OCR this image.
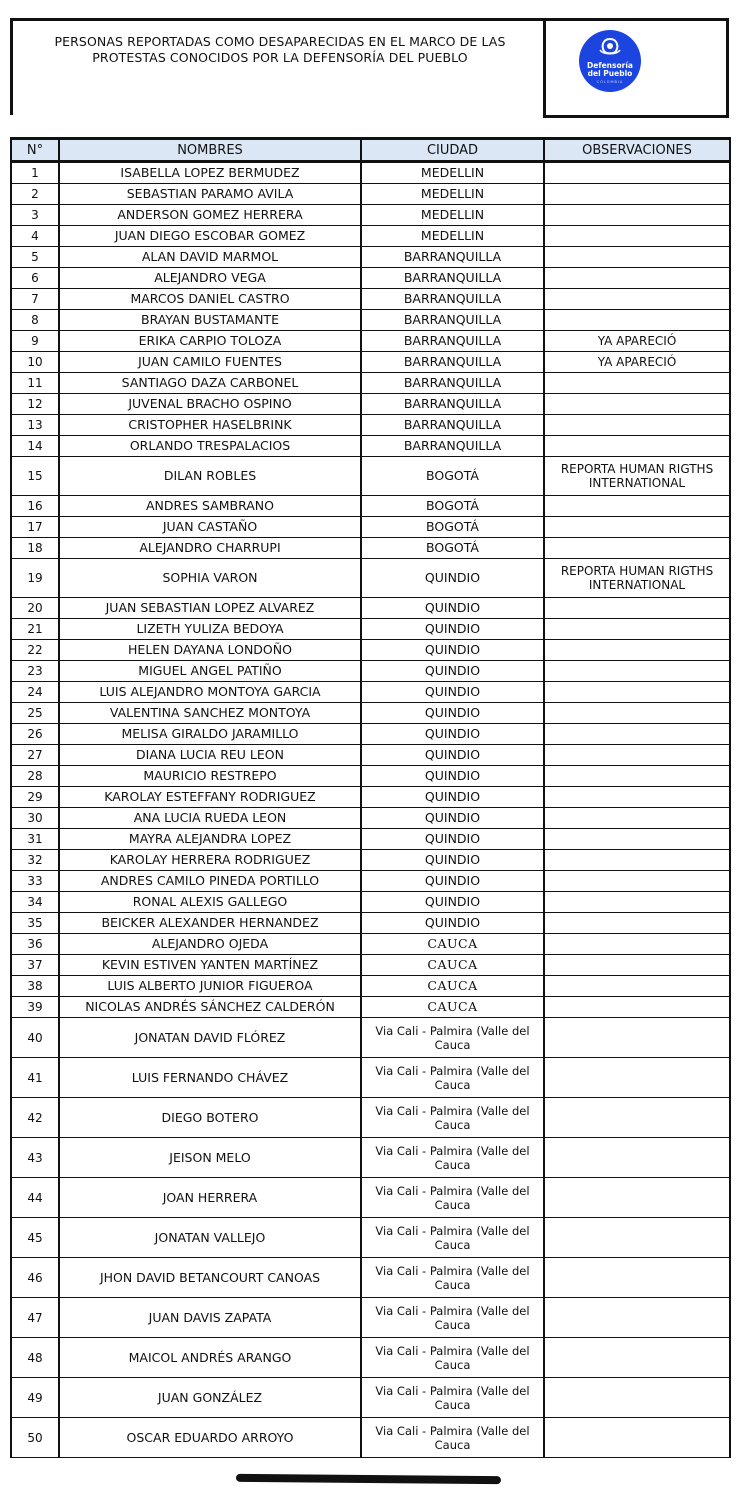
PERSONAS REPORTADAS COMO DESAPARECIDAS EN EL MARCO DE LAS
PROTESTAS CONOCIDOS POR LA DEFENSORÍA DEL PUEBLO
Defensoría
del Pueblo
COLOMBIA
N°	NOMBRES	CIUDAD	OBSERVACIONES
1	ISABELLA LOPEZ BERMUDEZ	MEDELLIN	
2	SEBASTIAN PARAMO AVILA	MEDELLIN	
3	ANDERSON GOMEZ HERRERA	MEDELLIN	
4	JUAN DIEGO ESCOBAR GOMEZ	MEDELLIN	
5	ALAN DAVID MARMOL	BARRANQUILLA	
6	ALEJANDRO VEGA	BARRANQUILLA	
7	MARCOS DANIEL CASTRO	BARRANQUILLA	
8	BRAYAN BUSTAMANTE	BARRANQUILLA	
9	ERIKA CARPIO TOLOZA	BARRANQUILLA	YA APARECIÓ
10	JUAN CAMILO FUENTES	BARRANQUILLA	YA APARECIÓ
11	SANTIAGO DAZA CARBONEL	BARRANQUILLA	
12	JUVENAL BRACHO OSPINO	BARRANQUILLA	
13	CRISTOPHER HASELBRINK	BARRANQUILLA	
14	ORLANDO TRESPALACIOS	BARRANQUILLA	
15	DILAN ROBLES	BOGOTÁ	REPORTA HUMAN RIGTHS INTERNATIONAL
16	ANDRES SAMBRANO	BOGOTÁ	
17	JUAN CASTAÑO	BOGOTÁ	
18	ALEJANDRO CHARRUPI	BOGOTÁ	
19	SOPHIA VARON	QUINDIO	REPORTA HUMAN RIGTHS INTERNATIONAL
20	JUAN SEBASTIAN LOPEZ ALVAREZ	QUINDIO	
21	LIZETH YULIZA BEDOYA	QUINDIO	
22	HELEN DAYANA LONDOÑO	QUINDIO	
23	MIGUEL ANGEL PATIÑO	QUINDIO	
24	LUIS ALEJANDRO MONTOYA GARCIA	QUINDIO	
25	VALENTINA SANCHEZ MONTOYA	QUINDIO	
26	MELISA GIRALDO JARAMILLO	QUINDIO	
27	DIANA LUCIA REU LEON	QUINDIO	
28	MAURICIO RESTREPO	QUINDIO	
29	KAROLAY ESTEFFANY RODRIGUEZ	QUINDIO	
30	ANA LUCIA RUEDA LEON	QUINDIO	
31	MAYRA ALEJANDRA LOPEZ	QUINDIO	
32	KAROLAY HERRERA RODRIGUEZ	QUINDIO	
33	ANDRES CAMILO PINEDA PORTILLO	QUINDIO	
34	RONAL ALEXIS GALLEGO	QUINDIO	
35	BEICKER ALEXANDER HERNANDEZ	QUINDIO	
36	ALEJANDRO OJEDA	CAUCA	
37	KEVIN ESTIVEN YANTEN MARTÍNEZ	CAUCA	
38	LUIS ALBERTO JUNIOR FIGUEROA	CAUCA	
39	NICOLAS ANDRÉS SÁNCHEZ CALDERÓN	CAUCA	
40	JONATAN DAVID FLÓREZ	Via Cali - Palmira (Valle del Cauca	
41	LUIS FERNANDO CHÁVEZ	Via Cali - Palmira (Valle del Cauca	
42	DIEGO BOTERO	Via Cali - Palmira (Valle del Cauca	
43	JEISON MELO	Via Cali - Palmira (Valle del Cauca	
44	JOAN HERRERA	Via Cali - Palmira (Valle del Cauca	
45	JONATAN VALLEJO	Via Cali - Palmira (Valle del Cauca	
46	JHON DAVID BETANCOURT CANOAS	Via Cali - Palmira (Valle del Cauca	
47	JUAN DAVIS ZAPATA	Via Cali - Palmira (Valle del Cauca	
48	MAICOL ANDRÉS ARANGO	Via Cali - Palmira (Valle del Cauca	
49	JUAN GONZÁLEZ	Via Cali - Palmira (Valle del Cauca	
50	OSCAR EDUARDO ARROYO	Via Cali - Palmira (Valle del Cauca	
